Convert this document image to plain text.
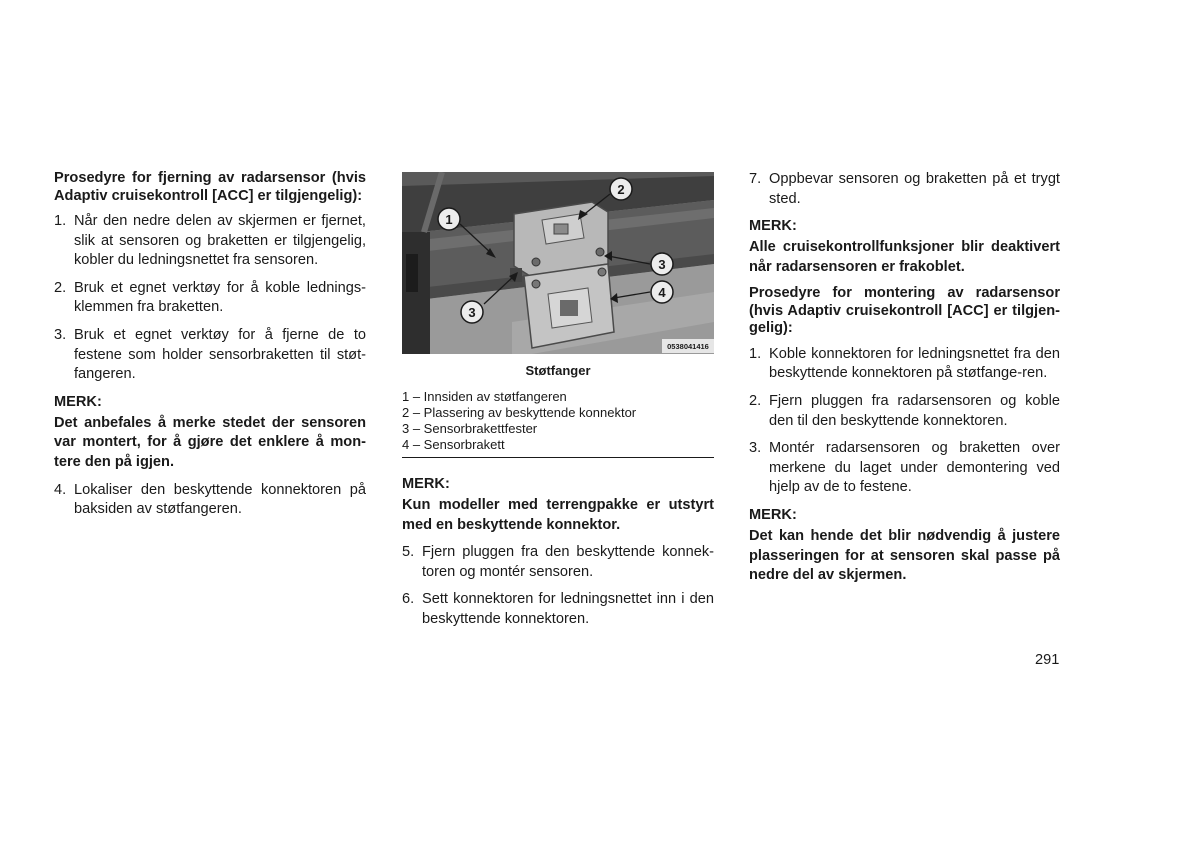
Prosedyre for fjerning av radarsensor (hvis Adaptiv cruisekontroll [ACC] er tilgjengelig):
1. Når den nedre delen av skjermen er fjernet, slik at sensoren og braketten er tilgjengelig, kobler du ledningsnettet fra sensoren.
2. Bruk et egnet verktøy for å koble lednings-klemmen fra braketten.
3. Bruk et egnet verktøy for å fjerne de to festene som holder sensorbraketten til støt-fangeren.
MERK:
Det anbefales å merke stedet der sensoren var montert, for å gjøre det enklere å mon-tere den på igjen.
4. Lokaliser den beskyttende konnektoren på baksiden av støtfangeren.
1
2
3
4
3
0538041416
Støtfanger
1 – Innsiden av støtfangeren
2 – Plassering av beskyttende konnektor
3 – Sensorbrakettfester
4 – Sensorbrakett
MERK:
Kun modeller med terrengpakke er utstyrt med en beskyttende konnektor.
5. Fjern pluggen fra den beskyttende konnek-toren og montér sensoren.
6. Sett konnektoren for ledningsnettet inn i den beskyttende konnektoren.
7. Oppbevar sensoren og braketten på et trygt sted.
MERK:
Alle cruisekontrollfunksjoner blir deaktivert når radarsensoren er frakoblet.
Prosedyre for montering av radarsensor (hvis Adaptiv cruisekontroll [ACC] er tilgjen-gelig):
1. Koble konnektoren for ledningsnettet fra den beskyttende konnektoren på støtfange-ren.
2. Fjern pluggen fra radarsensoren og koble den til den beskyttende konnektoren.
3. Montér radarsensoren og braketten over merkene du laget under demontering ved hjelp av de to festene.
MERK:
Det kan hende det blir nødvendig å justere plasseringen for at sensoren skal passe på nedre del av skjermen.
291
